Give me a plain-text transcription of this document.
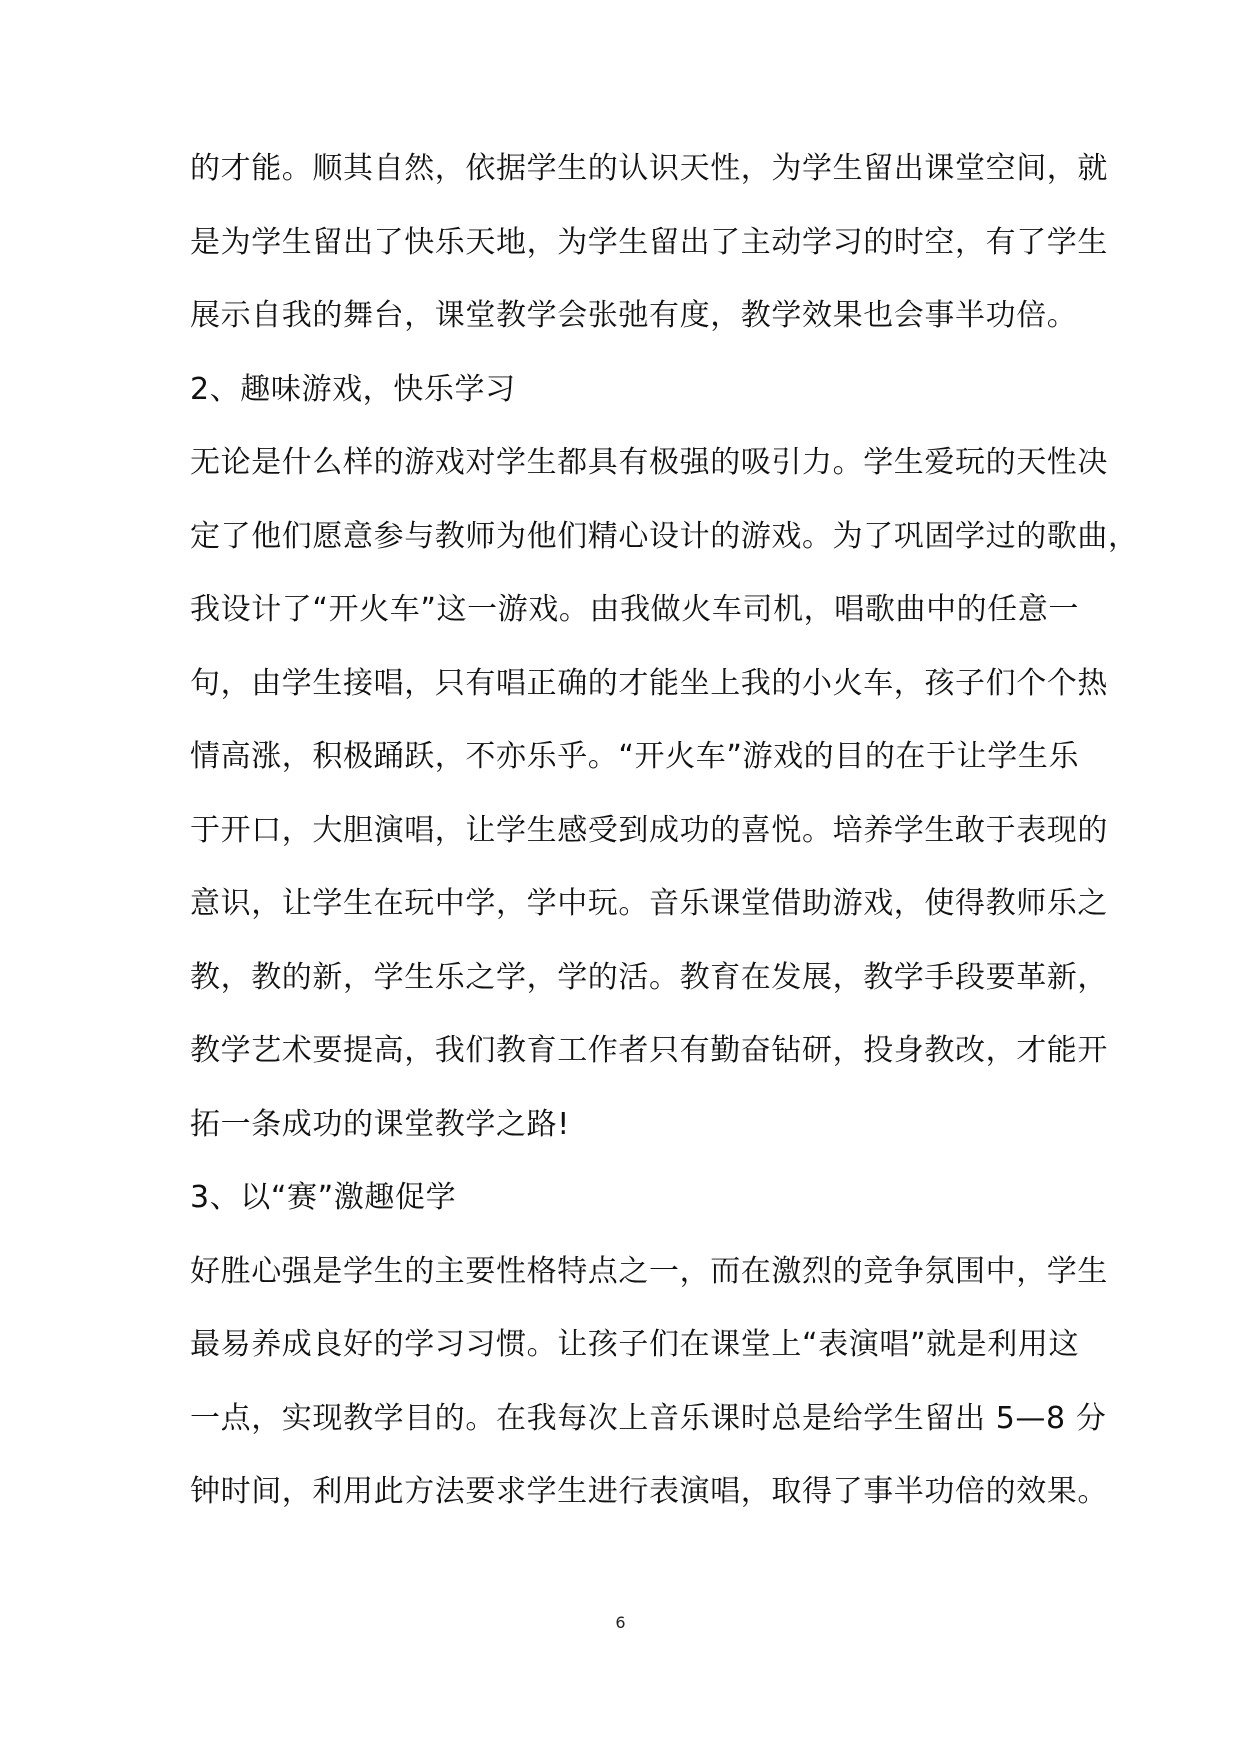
的才能。顺其自然，依据学生的认识天性，为学生留出课堂空间，就
是为学生留出了快乐天地，为学生留出了主动学习的时空，有了学生
展示自我的舞台，课堂教学会张弛有度，教学效果也会事半功倍。
2、趣味游戏，快乐学习
无论是什么样的游戏对学生都具有极强的吸引力。学生爱玩的天性决
定了他们愿意参与教师为他们精心设计的游戏。为了巩固学过的歌曲，
我设计了“开火车”这一游戏。由我做火车司机，唱歌曲中的任意一
句，由学生接唱，只有唱正确的才能坐上我的小火车，孩子们个个热
情高涨，积极踊跃，不亦乐乎。“开火车”游戏的目的在于让学生乐
于开口，大胆演唱，让学生感受到成功的喜悦。培养学生敢于表现的
意识，让学生在玩中学，学中玩。音乐课堂借助游戏，使得教师乐之
教，教的新，学生乐之学，学的活。教育在发展，教学手段要革新，
教学艺术要提高，我们教育工作者只有勤奋钻研，投身教改，才能开
拓一条成功的课堂教学之路!
3、以“赛”激趣促学
好胜心强是学生的主要性格特点之一，而在激烈的竞争氛围中，学生
最易养成良好的学习习惯。让孩子们在课堂上“表演唱”就是利用这
一点，实现教学目的。在我每次上音乐课时总是给学生留出 5—8 分
钟时间，利用此方法要求学生进行表演唱，取得了事半功倍的效果。
6
